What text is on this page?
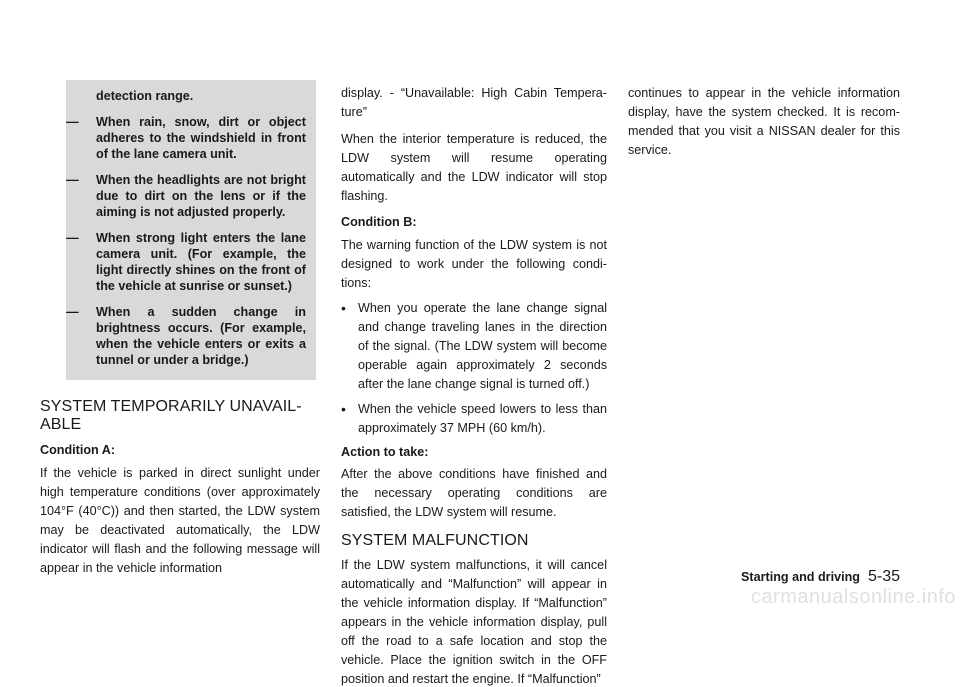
detection range.

—	When rain, snow, dirt or object adheres to the windshield in front of the lane camera unit.

—	When the headlights are not bright due to dirt on the lens or if the aiming is not adjusted properly.

—	When strong light enters the lane camera unit. (For example, the light directly shines on the front of the vehicle at sunrise or sunset.)

—	When a sudden change in brightness occurs. (For example, when the vehicle enters or exits a tunnel or under a bridge.)

SYSTEM TEMPORARILY UNAVAIL-ABLE

Condition A:

If the vehicle is parked in direct sunlight under high temperature conditions (over approximately 104°F (40°C)) and then started, the LDW system may be deactivated automatically, the LDW indicator will flash and the following message will appear in the vehicle information

display. - “Unavailable: High Cabin Tempera-ture”

When the interior temperature is reduced, the LDW system will resume operating automatically and the LDW indicator will stop flashing.

Condition B:

The warning function of the LDW system is not designed to work under the following condi-tions:

• When you operate the lane change signal and change traveling lanes in the direction of the signal. (The LDW system will become operable again approximately 2 seconds after the lane change signal is turned off.)

• When the vehicle speed lowers to less than approximately 37 MPH (60 km/h).

Action to take:

After the above conditions have finished and the necessary operating conditions are satisfied, the LDW system will resume.

SYSTEM MALFUNCTION

If the LDW system malfunctions, it will cancel automatically and “Malfunction” will appear in the vehicle information display. If “Malfunction” appears in the vehicle information display, pull off the road to a safe location and stop the vehicle. Place the ignition switch in the OFF position and restart the engine. If “Malfunction”

continues to appear in the vehicle information display, have the system checked. It is recom-mended that you visit a NISSAN dealer for this service.

Starting and driving 5-35
carmanualsonline.info
